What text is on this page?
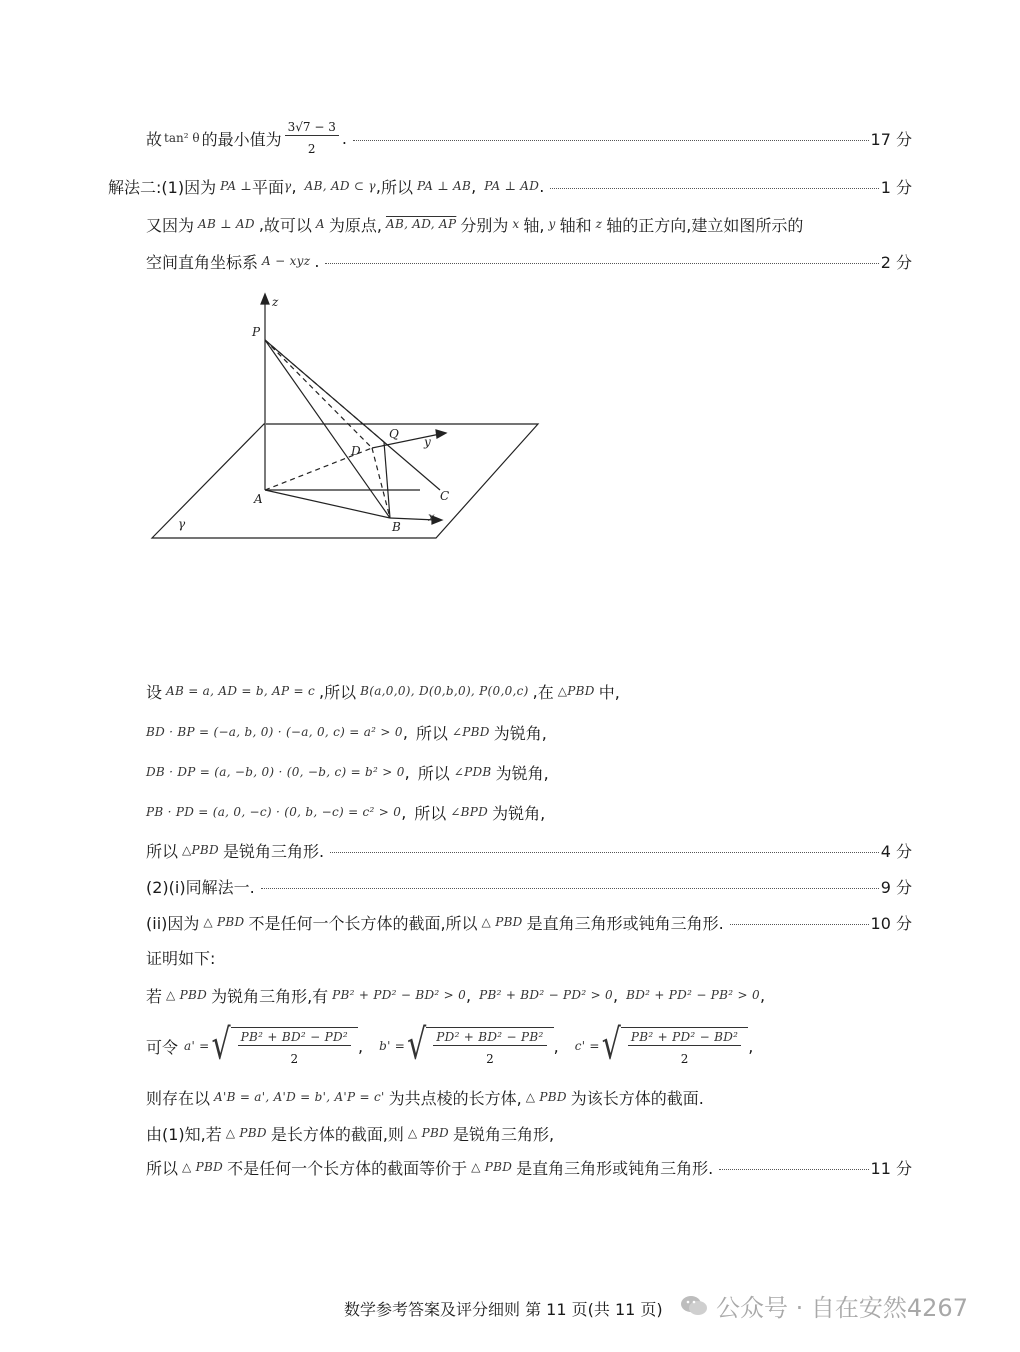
故 tan² θ 的最小值为 $\frac{3√7 - 3}{2}$ .	17 分
解法二: (1)因为 PA ⊥ 平面 γ , AB, AD ⊂ γ , 所以 PA ⊥ AB , PA ⊥ AD .	1 分
又因为 AB ⊥ AD , 故可以 A 为原点, AB, AD, AP 分别为 x 轴, y 轴和 z 轴的正方向,建立如图所示的
空间直角坐标系 A − xyz .	2 分
z
P
Q
y
D
A	C
x
B
γ
设 AB = a, AD = b, AP = c , 所以 B(a,0,0), D(0,b,0), P(0,0,c) , 在 △PBD 中,
BD · BP = (−a, b, 0) · (−a, 0, c) = a² > 0 , 所以 ∠PBD 为锐角,
DB · DP = (a, −b, 0) · (0, −b, c) = b² > 0 , 所以 ∠PDB 为锐角,
PB · PD = (a, 0, −c) · (0, b, −c) = c² > 0 , 所以 ∠BPD 为锐角,
所以 △PBD 是锐角三角形.	4 分
(2)(i)同解法一.	9 分
(ii)因为 △ PBD 不是任何一个长方体的截面,所以 △ PBD 是直角三角形或钝角三角形.	10 分
证明如下:
若 △ PBD 为锐角三角形,有 PB² + PD² − BD² > 0 , PB² + BD² − PD² > 0 , BD² + PD² − PB² > 0 ,
可令 a' = √ $\frac{\text{PB² + BD² − PD²}}{2}$ , b' = √ $\frac{\text{PD² + BD² − PB²}}{2}$ , c' = √ $\frac{\text{PB² + PD² − BD²}}{2}$ ,
则存在以 A'B = a', A'D = b', A'P = c' 为共点棱的长方体, △ PBD 为该长方体的截面.
由(1)知,若 △ PBD 是长方体的截面,则 △ PBD 是锐角三角形,
所以 △ PBD 不是任何一个长方体的截面等价于 △ PBD 是直角三角形或钝角三角形.	11 分
数学参考答案及评分细则 第 11 页(共 11 页) 公众号 · 自在安然4267
